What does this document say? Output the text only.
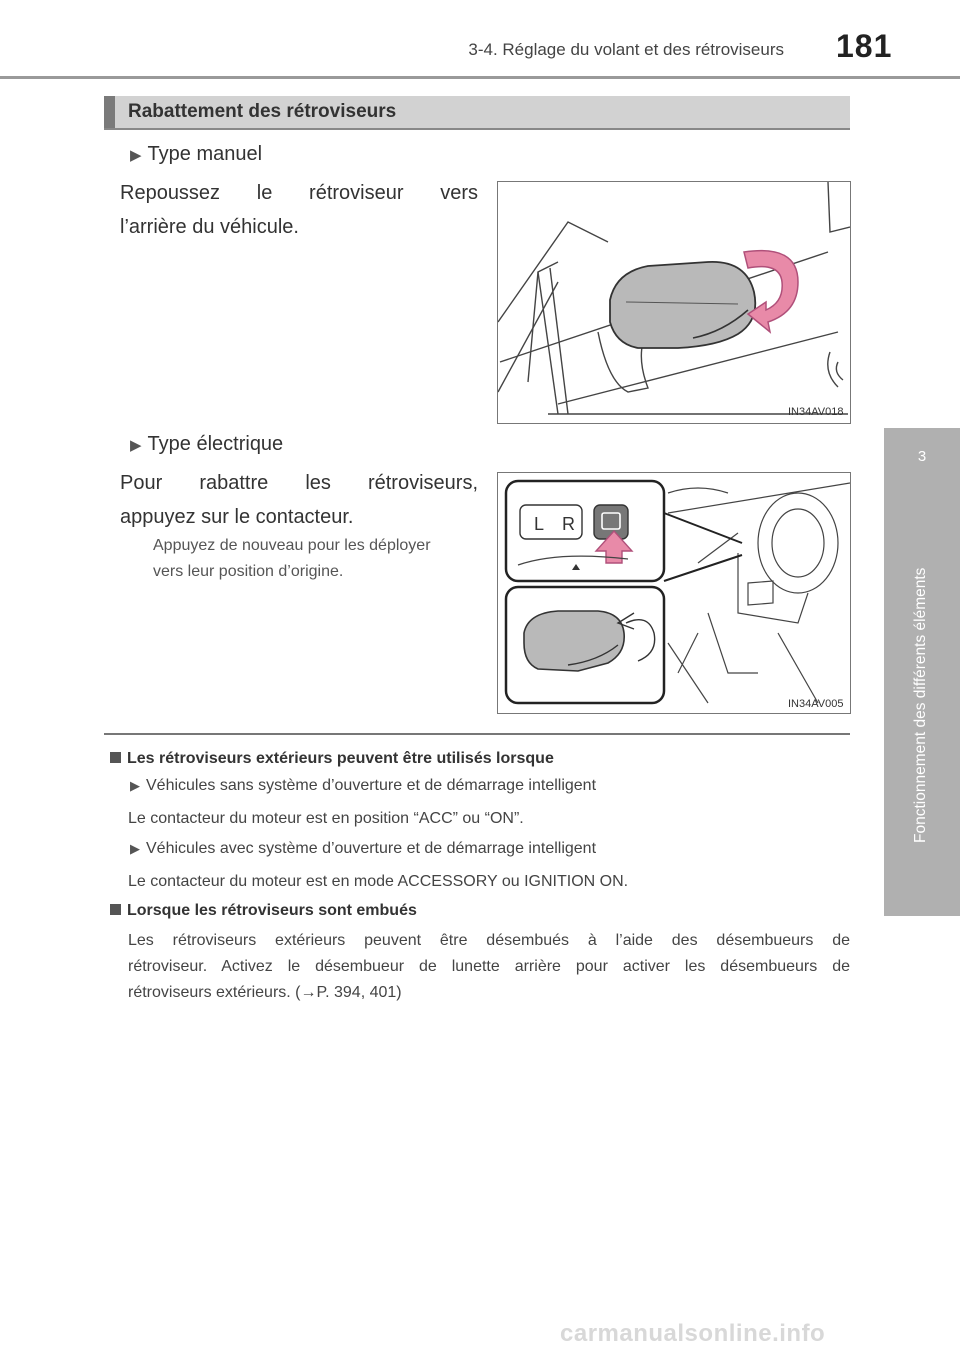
3-4. Réglage du volant et des rétroviseurs 181
3
Fonctionnement des différents éléments
Rabattement des rétroviseurs
▶ Type manuel
Repoussez le rétroviseur vers
l’arrière du véhicule.
IN34AV018
▶ Type électrique
Pour rabattre les rétroviseurs,
appuyez sur le contacteur.
Appuyez de nouveau pour les déployer
vers leur position d’origine.
L R
IN34AV005
Les rétroviseurs extérieurs peuvent être utilisés lorsque
▶ Véhicules sans système d’ouverture et de démarrage intelligent
Le contacteur du moteur est en position “ACC” ou “ON”.
▶ Véhicules avec système d’ouverture et de démarrage intelligent
Le contacteur du moteur est en mode ACCESSORY ou IGNITION ON.
Lorsque les rétroviseurs sont embués
Les rétroviseurs extérieurs peuvent être désembués à l’aide des désembueurs de
rétroviseur. Activez le désembueur de lunette arrière pour activer les désembueurs de
rétroviseurs extérieurs. (→P. 394, 401)
carmanualsonline.info
